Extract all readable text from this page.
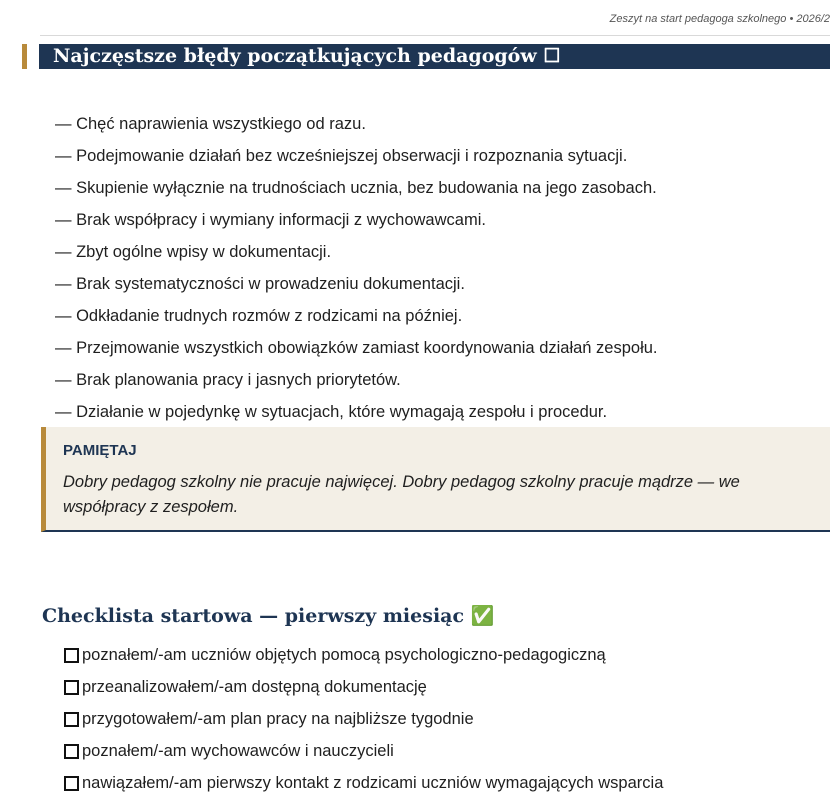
Zeszyt na start pedagoga szkolnego • 2026/2
Najczęstsze błędy początkujących pedagogów ☐
— Chęć naprawienia wszystkiego od razu.
— Podejmowanie działań bez wcześniejszej obserwacji i rozpoznania sytuacji.
— Skupienie wyłącznie na trudnościach ucznia, bez budowania na jego zasobach.
— Brak współpracy i wymiany informacji z wychowawcami.
— Zbyt ogólne wpisy w dokumentacji.
— Brak systematyczności w prowadzeniu dokumentacji.
— Odkładanie trudnych rozmów z rodzicami na później.
— Przejmowanie wszystkich obowiązków zamiast koordynowania działań zespołu.
— Brak planowania pracy i jasnych priorytetów.
— Działanie w pojedynkę w sytuacjach, które wymagają zespołu i procedur.
PAMIĘTAJ
Dobry pedagog szkolny nie pracuje najwięcej. Dobry pedagog szkolny pracuje mądrze — we współpracy z zespołem.
Checklista startowa — pierwszy miesiąc ✅
poznałem/-am uczniów objętych pomocą psychologiczno-pedagogiczną
przeanalizowałem/-am dostępną dokumentację
przygotowałem/-am plan pracy na najbliższe tygodnie
poznałem/-am wychowawców i nauczycieli
nawiązałem/-am pierwszy kontakt z rodzicami uczniów wymagających wsparcia
